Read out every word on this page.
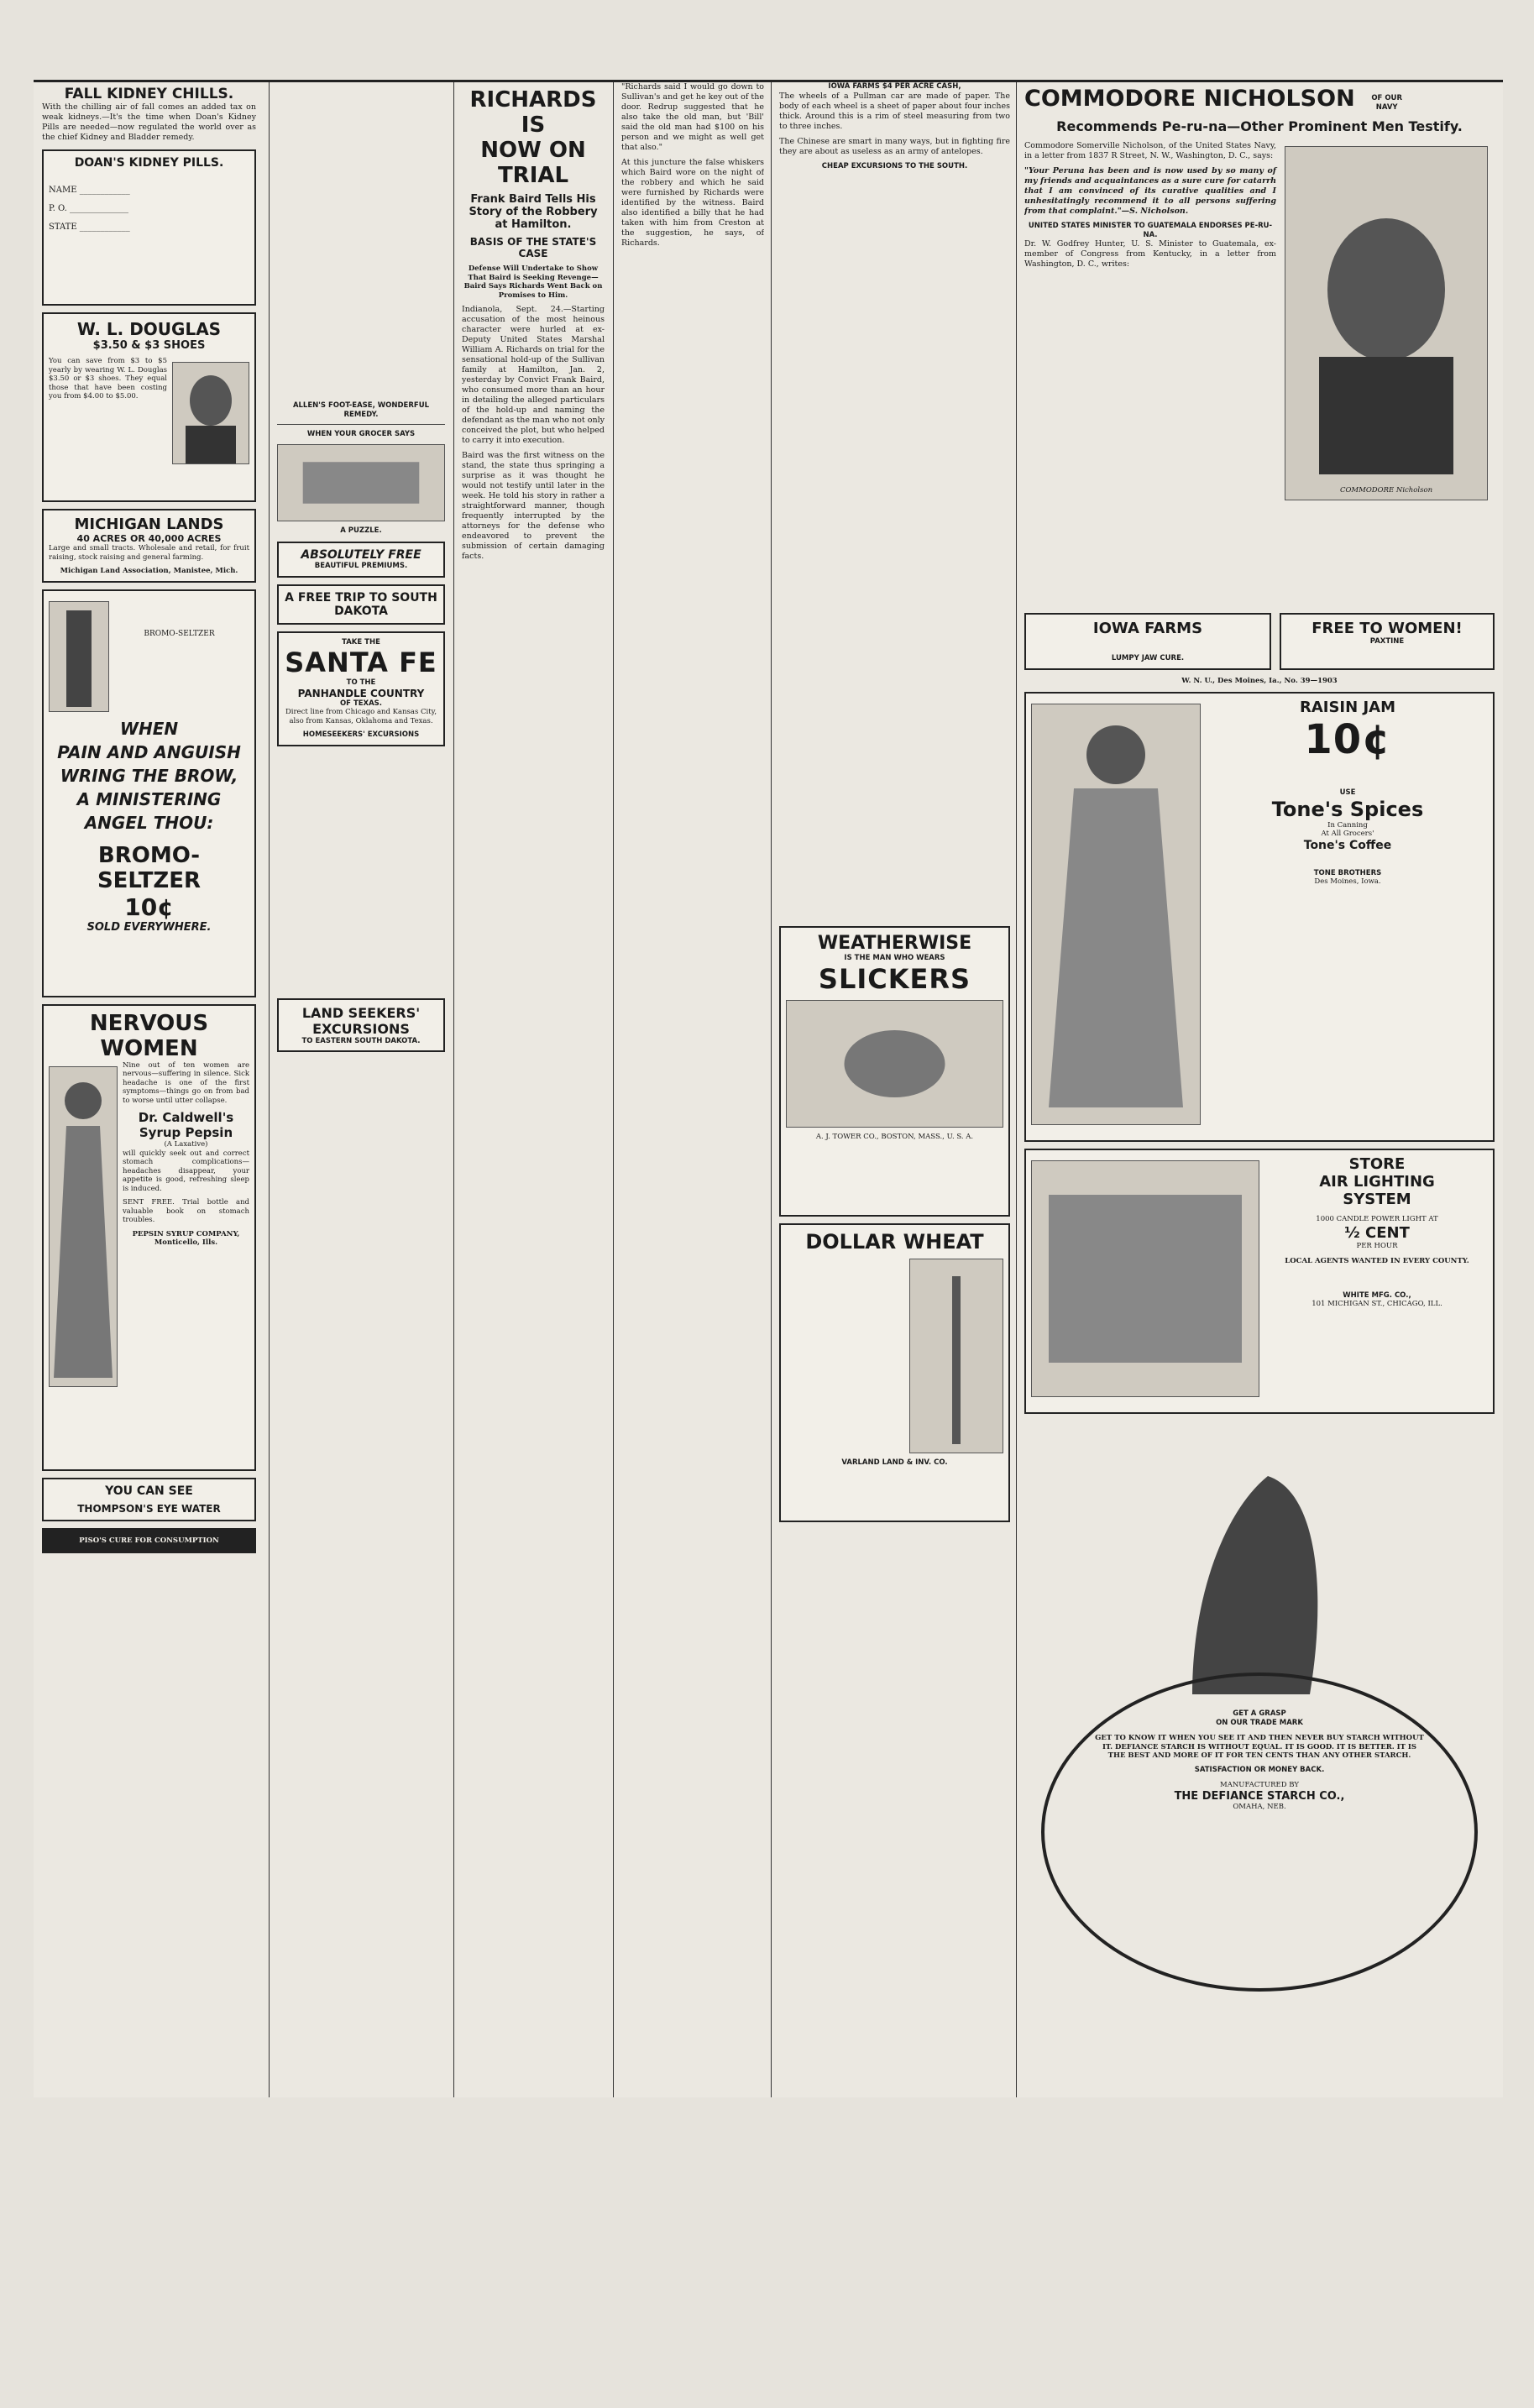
FALL KIDNEY CHILLS.

With the chilling air of fall comes an added tax on weak kidneys.—It's the time when Doan's Kidney Pills are needed—now regulated the world over as the chief Kidney and Bladder remedy.

DOAN'S KIDNEY PILLS.
NAME ____________
P. O. ______________
STATE ____________
W. L. DOUGLAS
$3.50 & $3 SHOES

You can save from $3 to $5 yearly by wearing W. L. Douglas $3.50 or $3 shoes. They equal those that have been costing you from $4.00 to $5.00.

MICHIGAN LANDS
40 ACRES OR 40,000 ACRES

Large and small tracts. Wholesale and retail, for fruit raising, stock raising and general farming.

Michigan Land Association, Manistee, Mich.
BROMO-SELTZER
WHEN
PAIN AND ANGUISH
WRING THE BROW,
A MINISTERING
ANGEL THOU:
BROMO-SELTZER
10¢
SOLD EVERYWHERE.
NERVOUS WOMEN

Nine out of ten women are nervous—suffering in silence. Sick headache is one of the first symptoms—things go on from bad to worse until utter collapse.

Dr. Caldwell's Syrup Pepsin
(A Laxative)

will quickly seek out and correct stomach complications—headaches disappear, your appetite is good, refreshing sleep is induced.

SENT FREE. Trial bottle and valuable book on stomach troubles.

PEPSIN SYRUP COMPANY, Monticello, Ills.
YOU CAN SEE
THOMPSON'S EYE WATER
PISO'S CURE FOR CONSUMPTION
ALLEN'S FOOT-EASE, WONDERFUL REMEDY.
WHEN YOUR GROCER SAYS
A PUZZLE.
ABSOLUTELY FREE
BEAUTIFUL PREMIUMS.
A FREE TRIP TO SOUTH DAKOTA
TAKE THE
SANTA FE
TO THE
PANHANDLE COUNTRY
OF TEXAS.

Direct line from Chicago and Kansas City, also from Kansas, Oklahoma and Texas.

HOMESEEKERS' EXCURSIONS
LAND SEEKERS' EXCURSIONS
TO EASTERN SOUTH DAKOTA.
RICHARDS IS
NOW ON TRIAL
Frank Baird Tells His Story of the Robbery at Hamilton.
BASIS OF THE STATE'S CASE
Defense Will Undertake to Show That Baird is Seeking Revenge—Baird Says Richards Went Back on Promises to Him.

Indianola, Sept. 24.—Starting accusation of the most heinous character were hurled at ex-Deputy United States Marshal William A. Richards on trial for the sensational hold-up of the Sullivan family at Hamilton, Jan. 2, yesterday by Convict Frank Baird, who consumed more than an hour in detailing the alleged particulars of the hold-up and naming the defendant as the man who not only conceived the plot, but who helped to carry it into execution.

Baird was the first witness on the stand, the state thus springing a surprise as it was thought he would not testify until later in the week. He told his story in rather a straightforward manner, though frequently interrupted by the attorneys for the defense who endeavored to prevent the submission of certain damaging facts.

"Richards said I would go down to Sullivan's and get he key out of the door. Redrup suggested that he also take the old man, but 'Bill' said the old man had $100 on his person and we might as well get that also."

At this juncture the false whiskers which Baird wore on the night of the robbery and which he said were furnished by Richards were identified by the witness. Baird also identified a billy that he had taken with him from Creston at the suggestion, he says, of Richards.

IOWA FARMS $4 PER ACRE CASH,

The wheels of a Pullman car are made of paper. The body of each wheel is a sheet of paper about four inches thick. Around this is a rim of steel measuring from two to three inches.

The Chinese are smart in many ways, but in fighting fire they are about as useless as an army of antelopes.

CHEAP EXCURSIONS TO THE SOUTH.
WEATHERWISE
IS THE MAN WHO WEARS
SLICKERS
A. J. TOWER CO., BOSTON, MASS., U. S. A.
DOLLAR WHEAT
VARLAND LAND & INV. CO.
COMMODORE NICHOLSON	OF OUR NAVY
Recommends Pe-ru-na—Other Prominent Men Testify.

Commodore Somerville Nicholson, of the United States Navy, in a letter from 1837 R Street, N. W., Washington, D. C., says:

"Your Peruna has been and is now used by so many of my friends and acquaintances as a sure cure for catarrh that I am convinced of its curative qualities and I unhesitatingly recommend it to all persons suffering from that complaint."—S. Nicholson.

UNITED STATES MINISTER TO GUATEMALA ENDORSES PE-RU-NA.

Dr. W. Godfrey Hunter, U. S. Minister to Guatemala, ex-member of Congress from Kentucky, in a letter from Washington, D. C., writes:

COMMODORE Nicholson
IOWA FARMS
LUMPY JAW CURE.
FREE TO WOMEN!
PAXTINE
W. N. U., Des Moines, Ia., No. 39—1903
RAISIN JAM
10¢
USE
Tone's Spices
In Canning
At All Grocers'
Tone's Coffee
TONE BROTHERS
Des Moines, Iowa.
STORE
AIR LIGHTING
SYSTEM
1000 CANDLE POWER LIGHT AT
½ CENT
PER HOUR
LOCAL AGENTS WANTED IN EVERY COUNTY.
WHITE MFG. CO.,
101 MICHIGAN ST., CHICAGO, ILL.
GET A GRASP
ON OUR TRADE MARK

GET TO KNOW IT WHEN YOU SEE IT AND THEN NEVER BUY STARCH WITHOUT IT. DEFIANCE STARCH IS WITHOUT EQUAL. IT IS GOOD. IT IS BETTER. IT IS THE BEST AND MORE OF IT FOR TEN CENTS THAN ANY OTHER STARCH.

SATISFACTION OR MONEY BACK.
MANUFACTURED BY
THE DEFIANCE STARCH CO.,
OMAHA, NEB.
